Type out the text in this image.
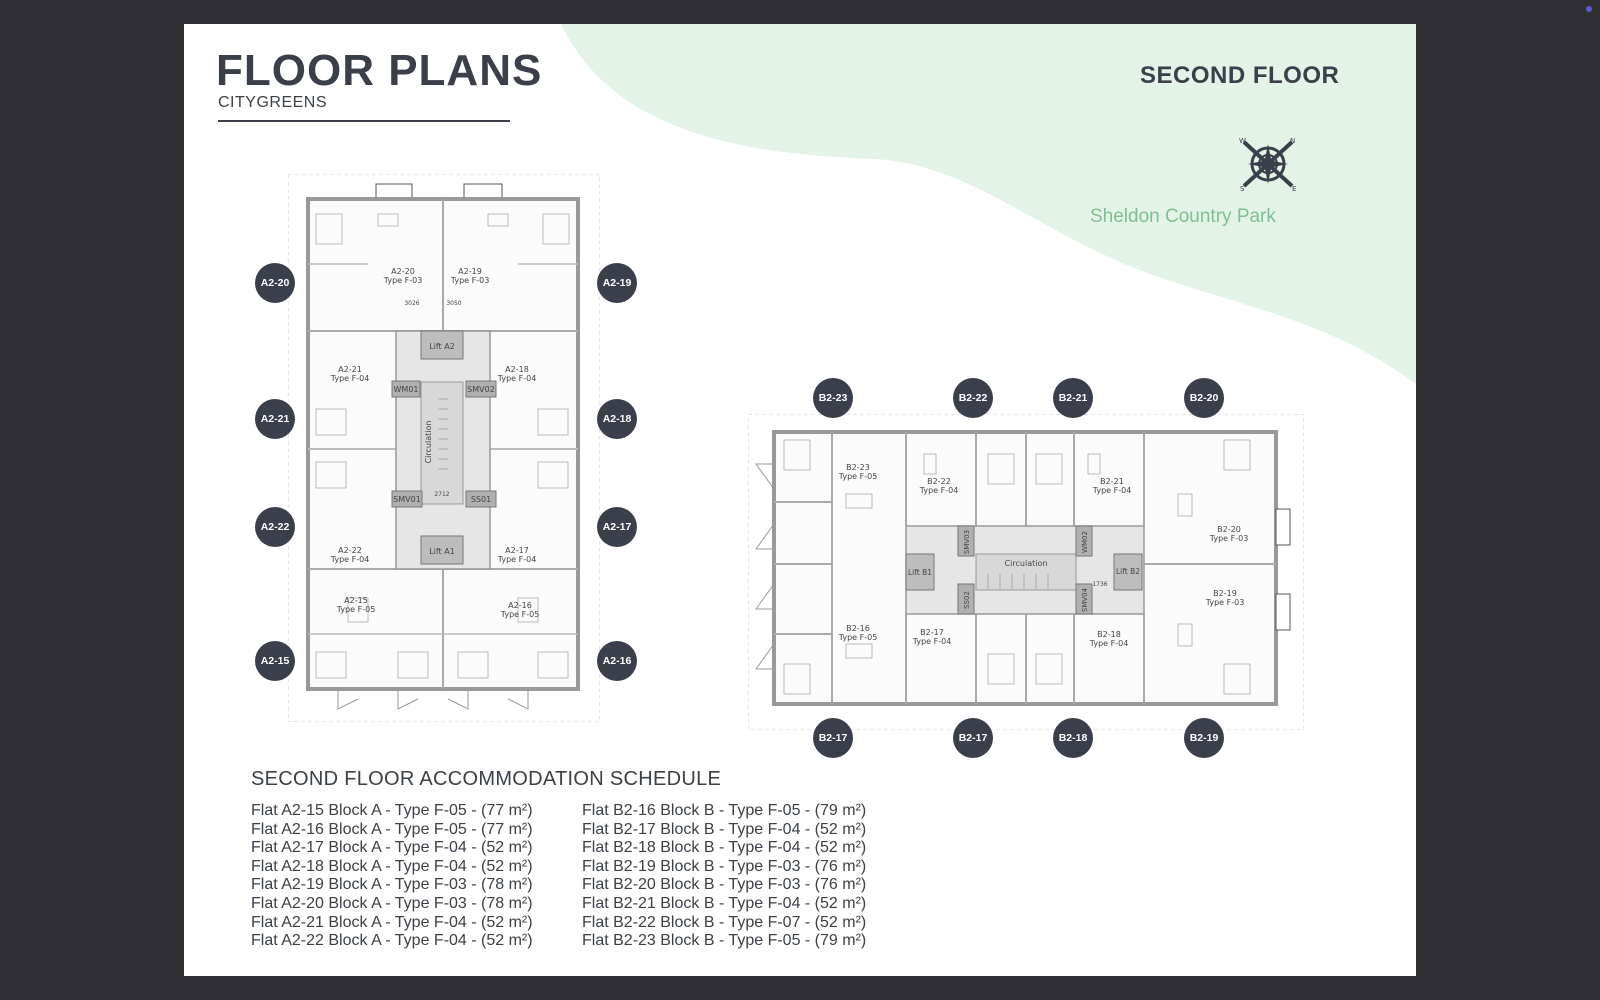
FLOOR PLANS
CITYGREENS
SECOND FLOOR
N
E
S
W
Sheldon Country Park
A2-20
Type F-03
A2-19
Type F-03
3026	3050
A2-21
Type F-04
A2-18
Type F-04
A2-22
Type F-04
A2-17
Type F-04
A2-15
Type F-05	A2-16
Type F-05
Lift A2
Lift A1
WM01	SMV02
SMV01	SS01
2712
Circulation
A2-20	A2-19
A2-21	A2-18
A2-22	A2-17
A2-15	A2-16
B2-23
Type F-05
B2-22
Type F-04
B2-21
Type F-04
B2-20
Type F-03
B2-16
Type F-05
B2-17
Type F-04
B2-18
Type F-04
B2-19
Type F-03
Lift B1	Lift B2
Circulation
1736
SMV03	WM02
SS02	SMV04
B2-23	B2-22	B2-21	B2-20
B2-17	B2-17	B2-18	B2-19
SECOND FLOOR ACCOMMODATION SCHEDULE
Flat A2-15 Block A - Type F-05 - (77 m²)
Flat A2-16 Block A - Type F-05 - (77 m²)
Flat A2-17 Block A - Type F-04 - (52 m²)
Flat A2-18 Block A - Type F-04 - (52 m²)
Flat A2-19 Block A - Type F-03 - (78 m²)
Flat A2-20 Block A - Type F-03 - (78 m²)
Flat A2-21 Block A - Type F-04 - (52 m²)
Flat A2-22 Block A - Type F-04 - (52 m²)
Flat B2-16 Block B - Type F-05 - (79 m²)
Flat B2-17 Block B - Type F-04 - (52 m²)
Flat B2-18 Block B - Type F-04 - (52 m²)
Flat B2-19 Block B - Type F-03 - (76 m²)
Flat B2-20 Block B - Type F-03 - (76 m²)
Flat B2-21 Block B - Type F-04 - (52 m²)
Flat B2-22 Block B - Type F-07 - (52 m²)
Flat B2-23 Block B - Type F-05 - (79 m²)
